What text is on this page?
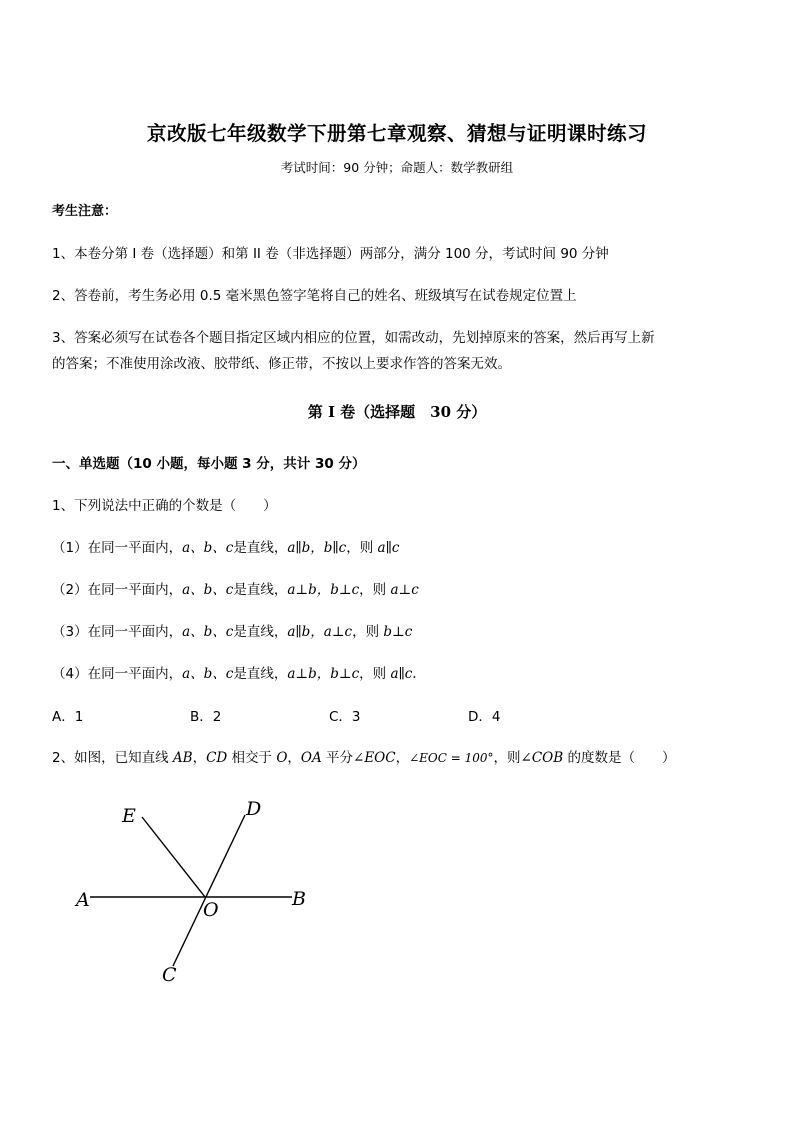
京改版七年级数学下册第七章观察、猜想与证明课时练习
考试时间：90 分钟；命题人：数学教研组
考生注意：
1、本卷分第 I 卷（选择题）和第 II 卷（非选择题）两部分，满分 100 分，考试时间 90 分钟
2、答卷前，考生务必用 0.5 毫米黑色签字笔将自己的姓名、班级填写在试卷规定位置上
3、答案必须写在试卷各个题目指定区域内相应的位置，如需改动，先划掉原来的答案，然后再写上新
的答案；不准使用涂改液、胶带纸、修正带，不按以上要求作答的答案无效。
第 I 卷（选择题　30 分）
一、单选题（10 小题，每小题 3 分，共计 30 分）
1、下列说法中正确的个数是（　　）
（1）在同一平面内，a、b、c是直线，a∥b，b∥c，则 a∥c
（2）在同一平面内，a、b、c是直线，a⊥b，b⊥c，则 a⊥c
（3）在同一平面内，a、b、c是直线，a∥b，a⊥c，则 b⊥c
（4）在同一平面内，a、b、c是直线，a⊥b，b⊥c，则 a∥c.
A．1	B．2	C．3	D．4
2、如图，已知直线 AB，CD 相交于 O，OA 平分∠EOC，∠EOC = 100°，则∠COB 的度数是（　　）
E	D
A	O	B
C
